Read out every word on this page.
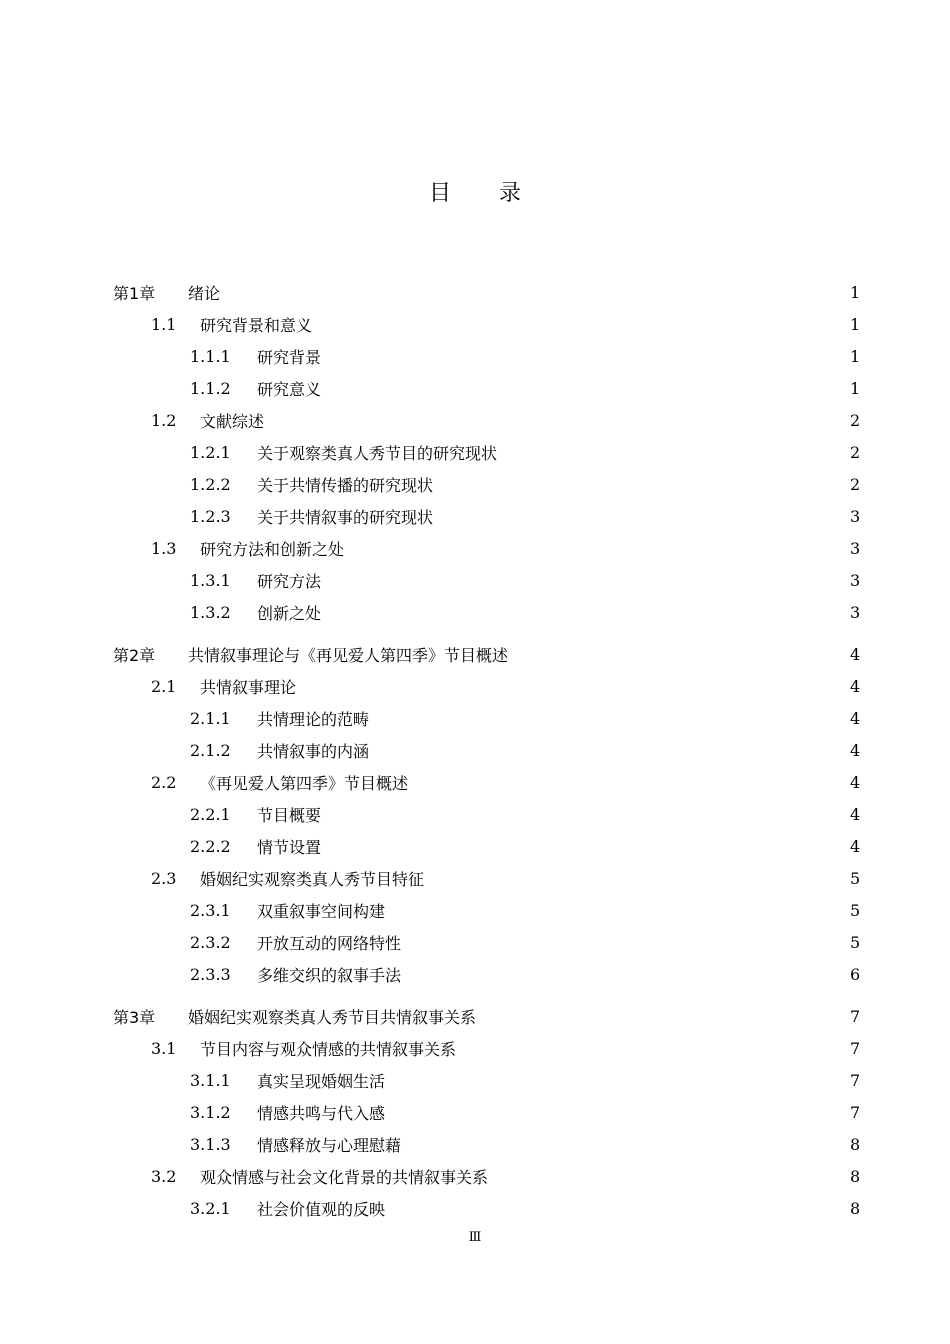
目录
第1章	绪论	1
1.1	研究背景和意义	1
1.1.1	研究背景	1
1.1.2	研究意义	1
1.2	文献综述	2
1.2.1	关于观察类真人秀节目的研究现状	2
1.2.2	关于共情传播的研究现状	2
1.2.3	关于共情叙事的研究现状	3
1.3	研究方法和创新之处	3
1.3.1	研究方法	3
1.3.2	创新之处	3
第2章	共情叙事理论与《再见爱人第四季》节目概述	4
2.1	共情叙事理论	4
2.1.1	共情理论的范畴	4
2.1.2	共情叙事的内涵	4
2.2	《再见爱人第四季》节目概述	4
2.2.1	节目概要	4
2.2.2	情节设置	4
2.3	婚姻纪实观察类真人秀节目特征	5
2.3.1	双重叙事空间构建	5
2.3.2	开放互动的网络特性	5
2.3.3	多维交织的叙事手法	6
第3章	婚姻纪实观察类真人秀节目共情叙事关系	7
3.1	节目内容与观众情感的共情叙事关系	7
3.1.1	真实呈现婚姻生活	7
3.1.2	情感共鸣与代入感	7
3.1.3	情感释放与心理慰藉	8
3.2	观众情感与社会文化背景的共情叙事关系	8
3.2.1	社会价值观的反映	8
Ⅲ
